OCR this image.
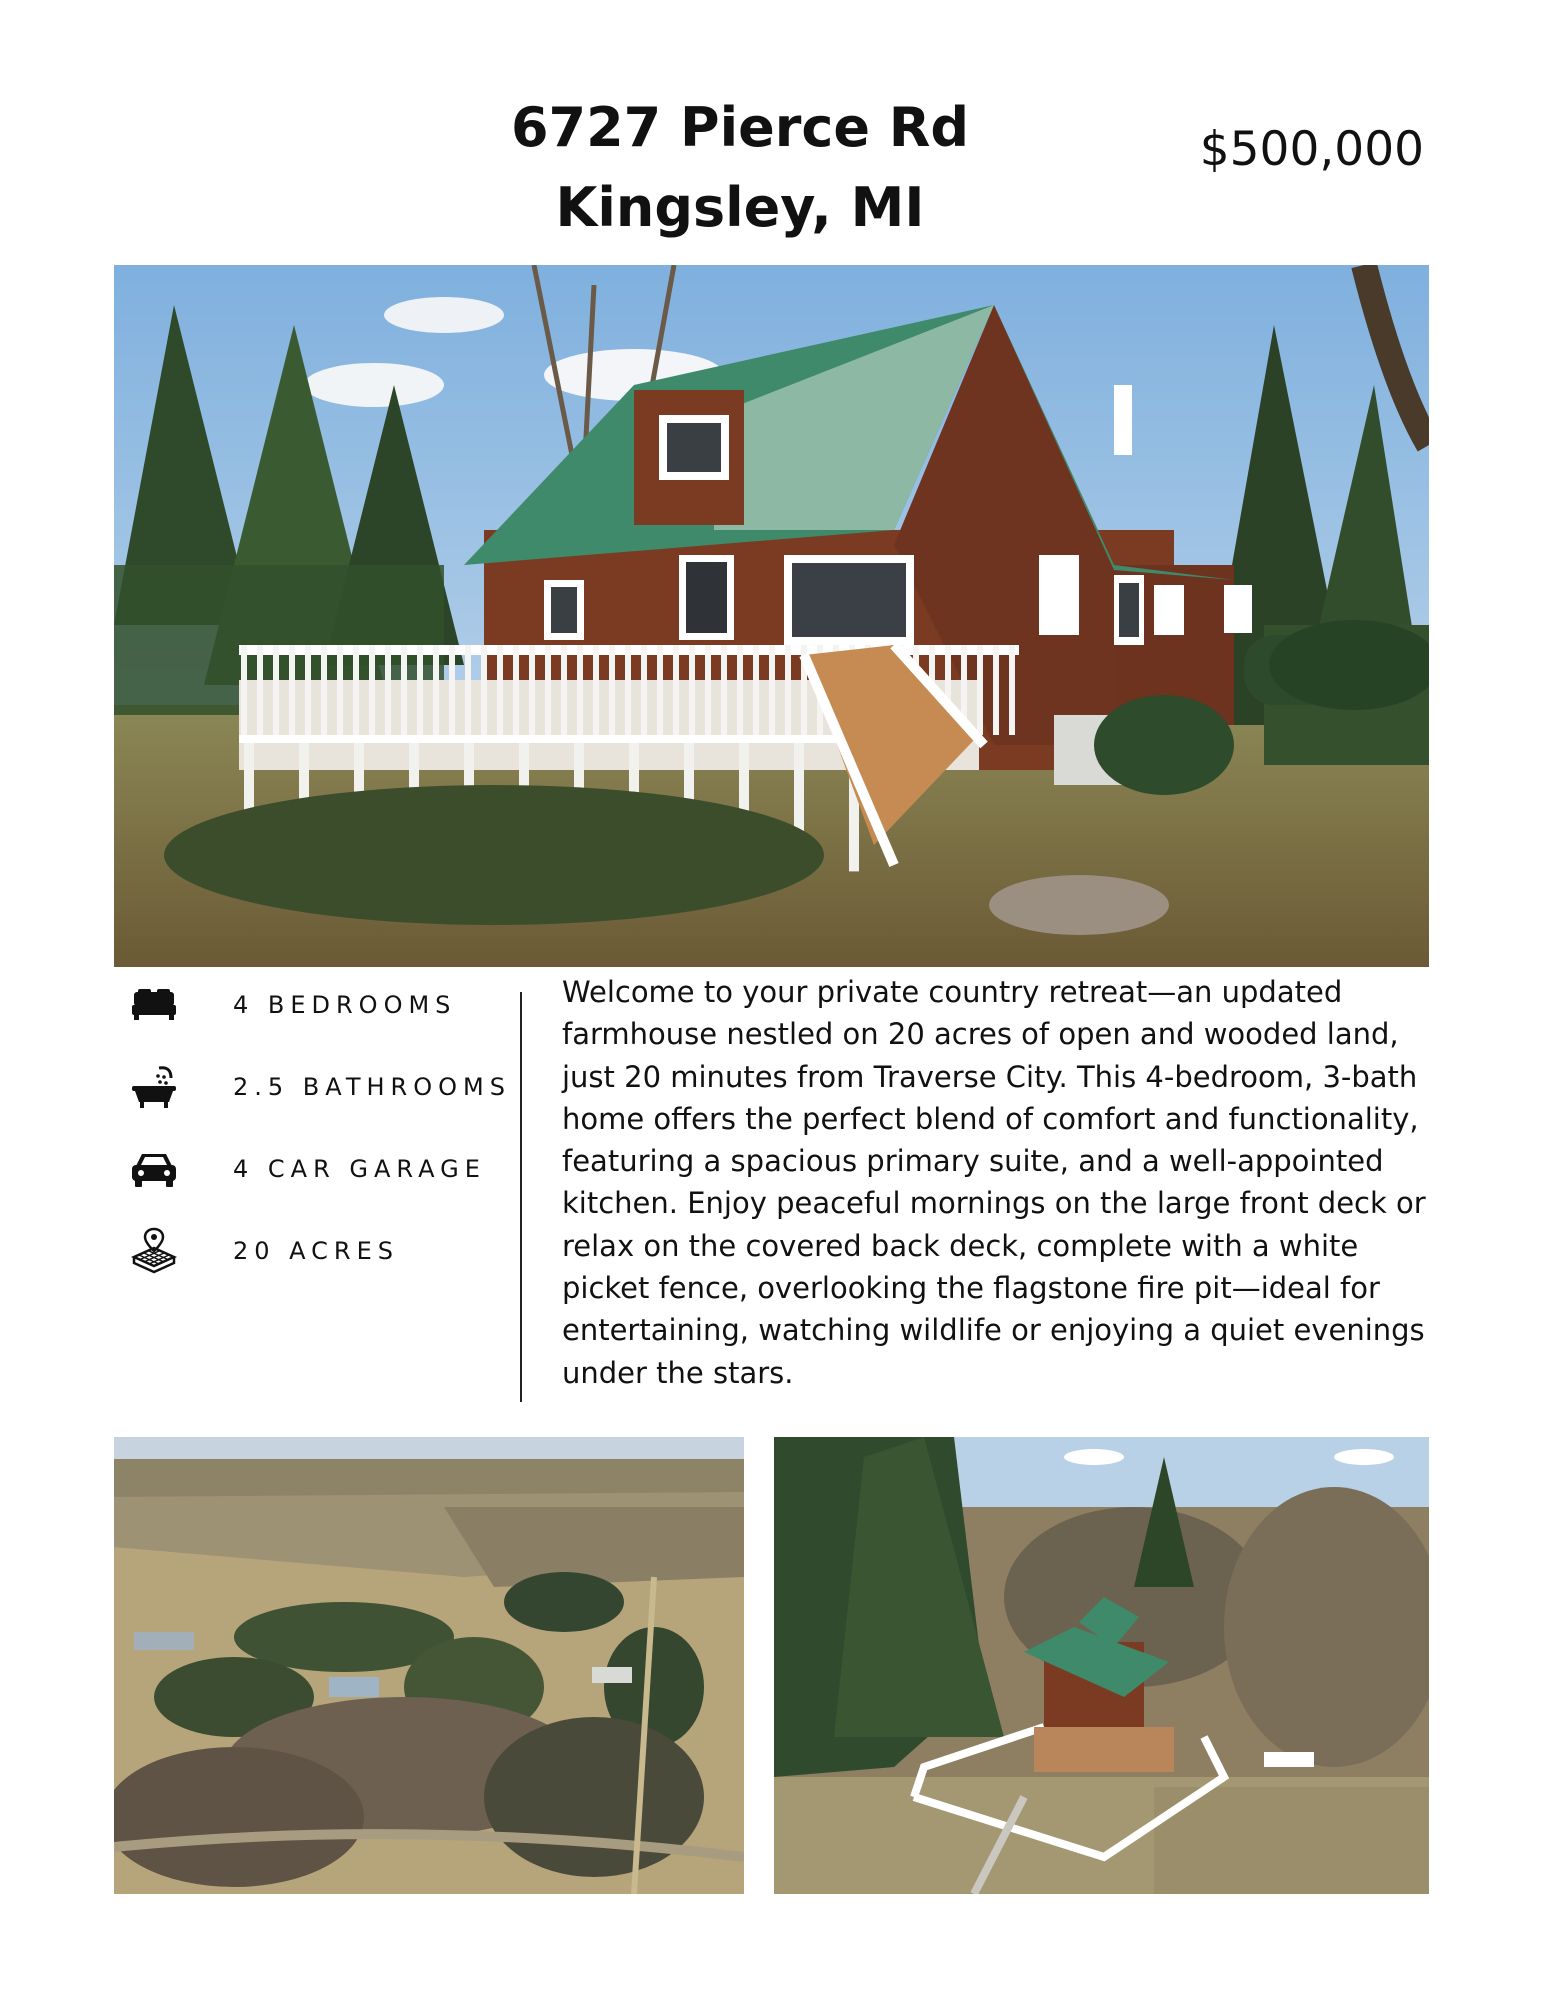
6727 Pierce Rd
Kingsley, MI
$500,000
4 BEDROOMS
2.5 BATHROOMS
4 CAR GARAGE
20 ACRES
Welcome to your private country retreat—an updated farmhouse nestled on 20 acres of open and wooded land, just 20 minutes from Traverse City. This 4-bedroom, 3-bath home offers the perfect blend of comfort and functionality, featuring a spacious primary suite, and a well-appointed kitchen. Enjoy peaceful mornings on the large front deck or relax on the covered back deck, complete with a white picket fence, overlooking the flagstone fire pit—ideal for entertaining, watching wildlife or enjoying a quiet evenings under the stars.
